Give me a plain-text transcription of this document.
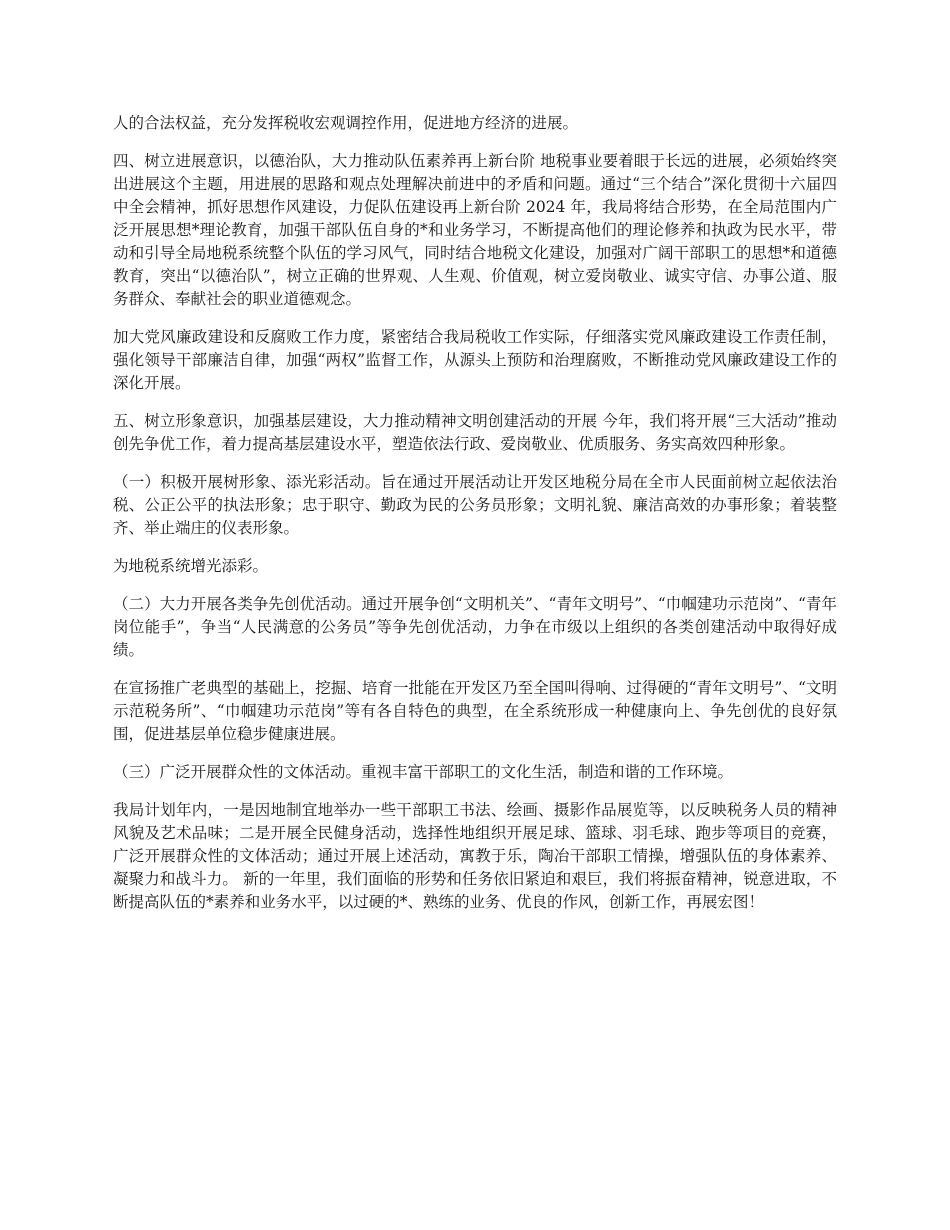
人的合法权益，充分发挥税收宏观调控作用，促进地方经济的进展。

四、树立进展意识，以德治队，大力推动队伍素养再上新台阶 地税事业要着眼于长远的进展，必须始终突出进展这个主题，用进展的思路和观点处理解决前进中的矛盾和问题。通过“三个结合”深化贯彻十六届四中全会精神，抓好思想作风建设，力促队伍建设再上新台阶 2024 年，我局将结合形势，在全局范围内广泛开展思想*理论教育，加强干部队伍自身的*和业务学习，不断提高他们的理论修养和执政为民水平，带动和引导全局地税系统整个队伍的学习风气，同时结合地税文化建设，加强对广阔干部职工的思想*和道德教育，突出“以德治队”，树立正确的世界观、人生观、价值观，树立爱岗敬业、诚实守信、办事公道、服务群众、奉献社会的职业道德观念。

加大党风廉政建设和反腐败工作力度，紧密结合我局税收工作实际，仔细落实党风廉政建设工作责任制，强化领导干部廉洁自律，加强“两权”监督工作，从源头上预防和治理腐败，不断推动党风廉政建设工作的深化开展。

五、树立形象意识，加强基层建设，大力推动精神文明创建活动的开展 今年，我们将开展“三大活动”推动创先争优工作，着力提高基层建设水平，塑造依法行政、爱岗敬业、优质服务、务实高效四种形象。

（一）积极开展树形象、添光彩活动。旨在通过开展活动让开发区地税分局在全市人民面前树立起依法治税、公正公平的执法形象；忠于职守、勤政为民的公务员形象；文明礼貌、廉洁高效的办事形象；着装整齐、举止端庄的仪表形象。

为地税系统增光添彩。

（二）大力开展各类争先创优活动。通过开展争创“文明机关”、“青年文明号”、“巾帼建功示范岗”、“青年岗位能手”，争当“人民满意的公务员”等争先创优活动，力争在市级以上组织的各类创建活动中取得好成绩。

在宣扬推广老典型的基础上，挖掘、培育一批能在开发区乃至全国叫得响、过得硬的“青年文明号”、“文明示范税务所”、“巾帼建功示范岗”等有各自特色的典型，在全系统形成一种健康向上、争先创优的良好氛围，促进基层单位稳步健康进展。

（三）广泛开展群众性的文体活动。重视丰富干部职工的文化生活，制造和谐的工作环境。

我局计划年内，一是因地制宜地举办一些干部职工书法、绘画、摄影作品展览等，以反映税务人员的精神风貌及艺术品味；二是开展全民健身活动，选择性地组织开展足球、篮球、羽毛球、跑步等项目的竞赛，广泛开展群众性的文体活动；通过开展上述活动，寓教于乐，陶冶干部职工情操，增强队伍的身体素养、凝聚力和战斗力。 新的一年里，我们面临的形势和任务依旧紧迫和艰巨，我们将振奋精神，锐意进取，不断提高队伍的*素养和业务水平，以过硬的*、熟练的业务、优良的作风，创新工作，再展宏图！
